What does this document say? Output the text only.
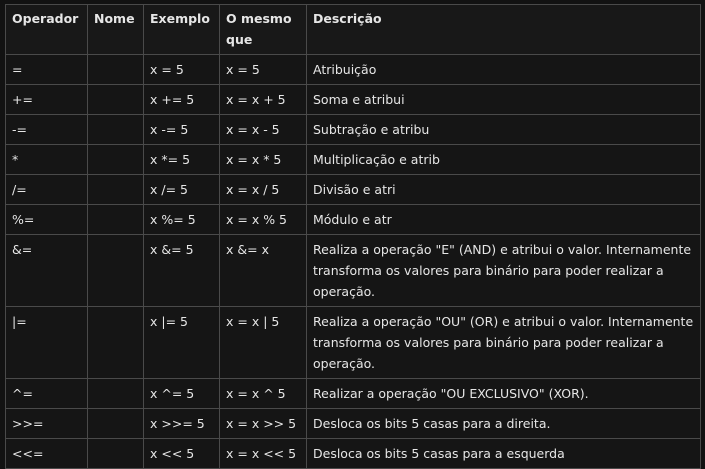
Operador	Nome	Exemplo	O mesmo que	Descrição
=		x = 5	x = 5	Atribuição
+=		x += 5	x = x + 5	Soma e atribui
-=		x -= 5	x = x - 5	Subtração e atribu
*		x *= 5	x = x * 5	Multiplicação e atrib
/=		x /= 5	x = x / 5	Divisão e atri
%=		x %= 5	x = x % 5	Módulo e atr
&=		x &= 5	x &= x	Realiza a operação "E" (AND) e atribui o valor. Internamente transforma os valores para binário para poder realizar a operação.
|=		x |= 5	x = x | 5	Realiza a operação "OU" (OR) e atribui o valor. Internamente transforma os valores para binário para poder realizar a operação.
^=		x ^= 5	x = x ^ 5	Realizar a operação "OU EXCLUSIVO" (XOR).
>>=		x >>= 5	x = x >> 5	Desloca os bits 5 casas para a direita.
<<=		x << 5	x = x << 5	Desloca os bits 5 casas para a esquerda
